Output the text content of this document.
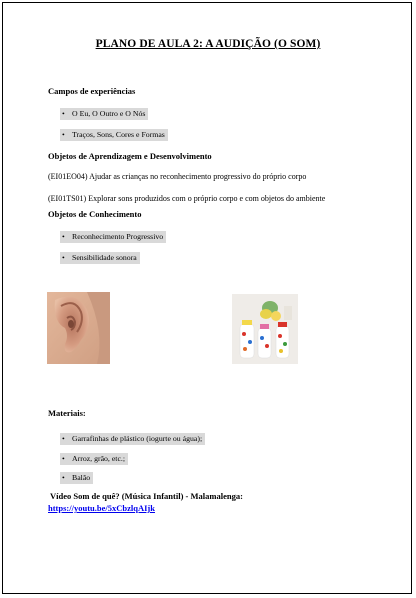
PLANO DE AULA 2: A AUDIÇÃO (O SOM)
Campos de experiências
• O Eu, O Outro e O Nós
• Traços, Sons, Cores e Formas
Objetos de Aprendizagem e Desenvolvimento
(EI01EO04) Ajudar as crianças no reconhecimento progressivo do próprio corpo
(EI01TS01) Explorar sons produzidos com o próprio corpo e com objetos do ambiente
Objetos de Conhecimento
• Reconhecimento Progressivo
• Sensibilidade sonora
Materiais:
• Garrafinhas de plástico (iogurte ou água);
• Arroz, grão, etc.;
• Balão
Vídeo Som de quê? (Música Infantil) - Malamalenga:
https://youtu.be/5xCbzlqAIjk
